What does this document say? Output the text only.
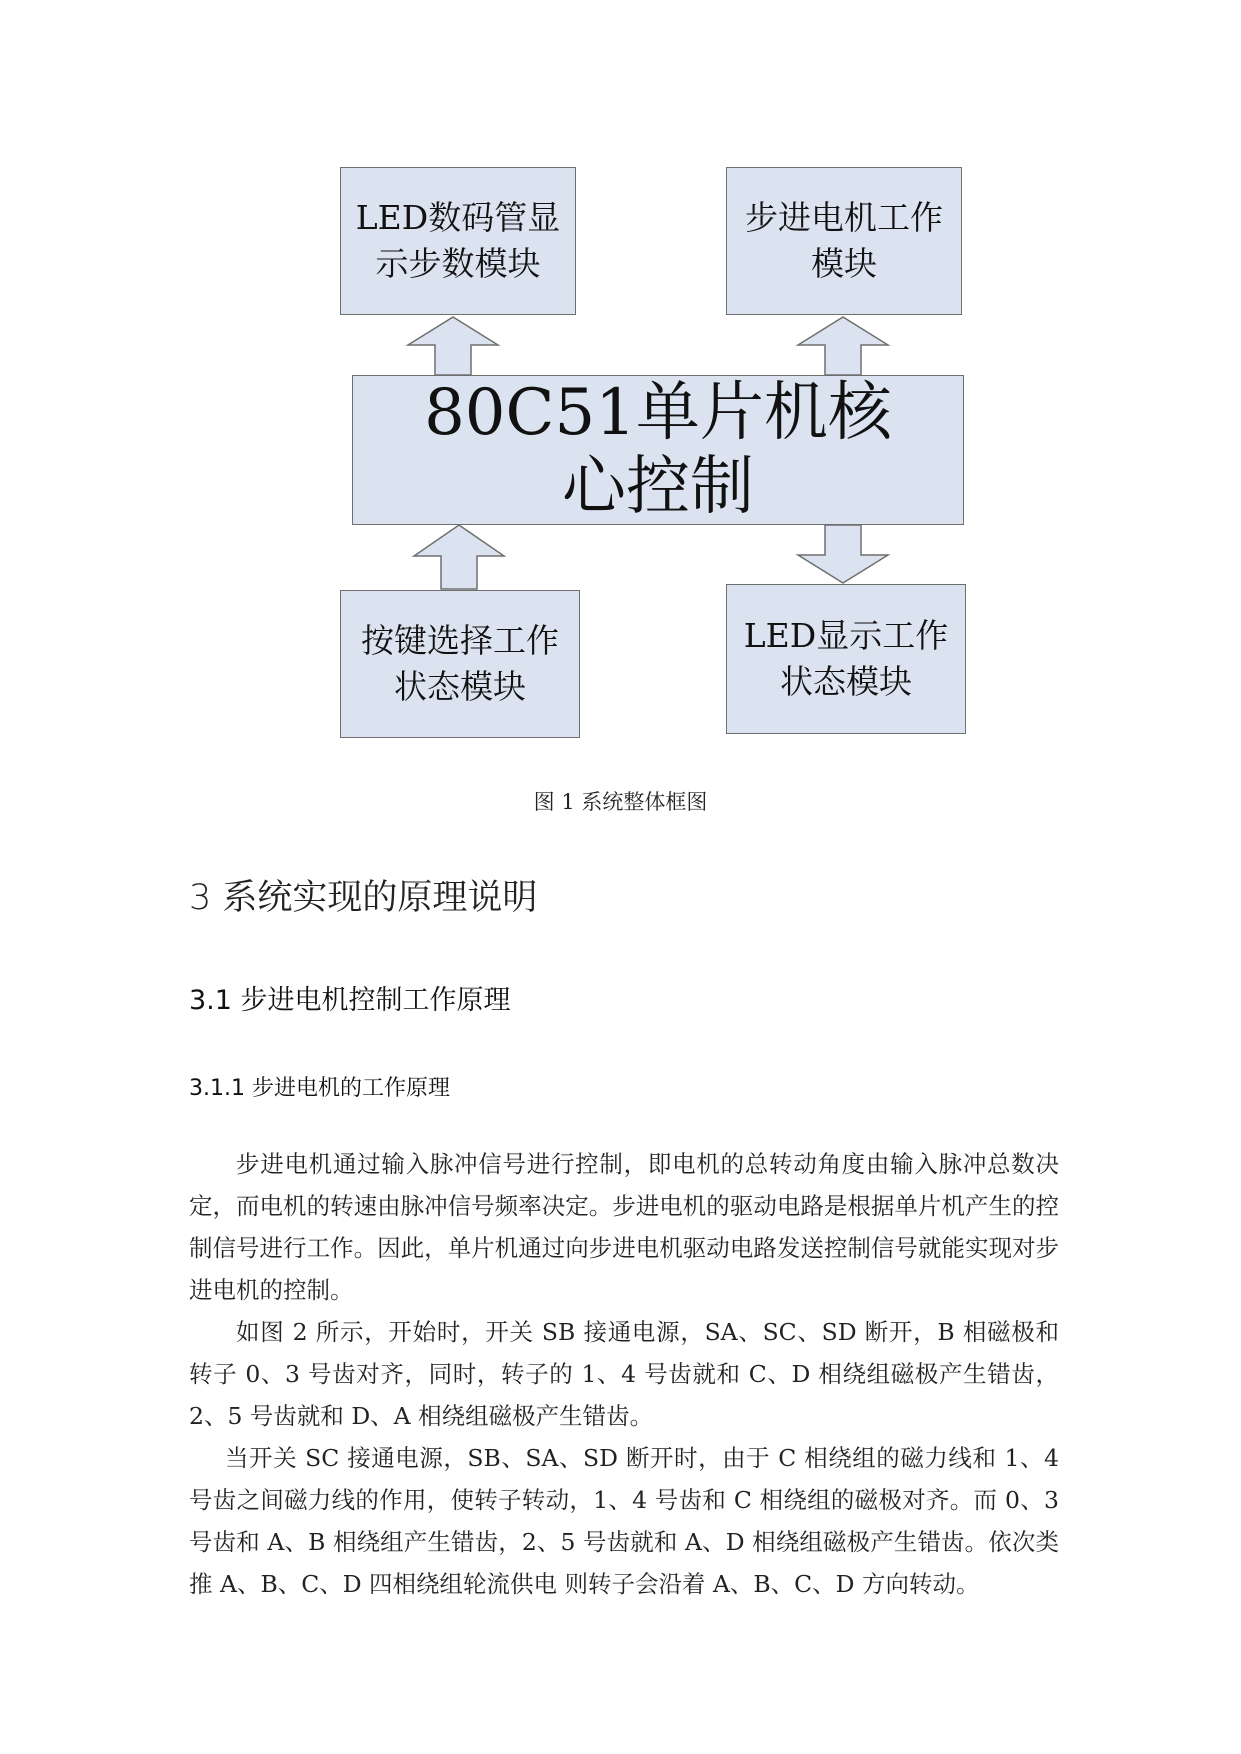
LED数码管显示步数模块
步进电机工作模块
80C51单片机核心控制
按键选择工作状态模块
LED显示工作状态模块
图 1 系统整体框图
3 系统实现的原理说明
3.1 步进电机控制工作原理
3.1.1 步进电机的工作原理

步进电机通过输入脉冲信号进行控制，即电机的总转动角度由输入脉冲总数决定，而电机的转速由脉冲信号频率决定。步进电机的驱动电路是根据单片机产生的控制信号进行工作。因此，单片机通过向步进电机驱动电路发送控制信号就能实现对步进电机的控制。

如图 2 所示，开始时，开关 SB 接通电源，SA、SC、SD 断开，B 相磁极和转子 0、3 号齿对齐，同时，转子的 1、4 号齿就和 C、D 相绕组磁极产生错齿，2、5 号齿就和 D、A 相绕组磁极产生错齿。

当开关 SC 接通电源，SB、SA、SD 断开时，由于 C 相绕组的磁力线和 1、4 号齿之间磁力线的作用，使转子转动，1、4 号齿和 C 相绕组的磁极对齐。而 0、3 号齿和 A、B 相绕组产生错齿，2、5 号齿就和 A、D 相绕组磁极产生错齿。依次类推 A、B、C、D 四相绕组轮流供电 则转子会沿着 A、B、C、D 方向转动。
